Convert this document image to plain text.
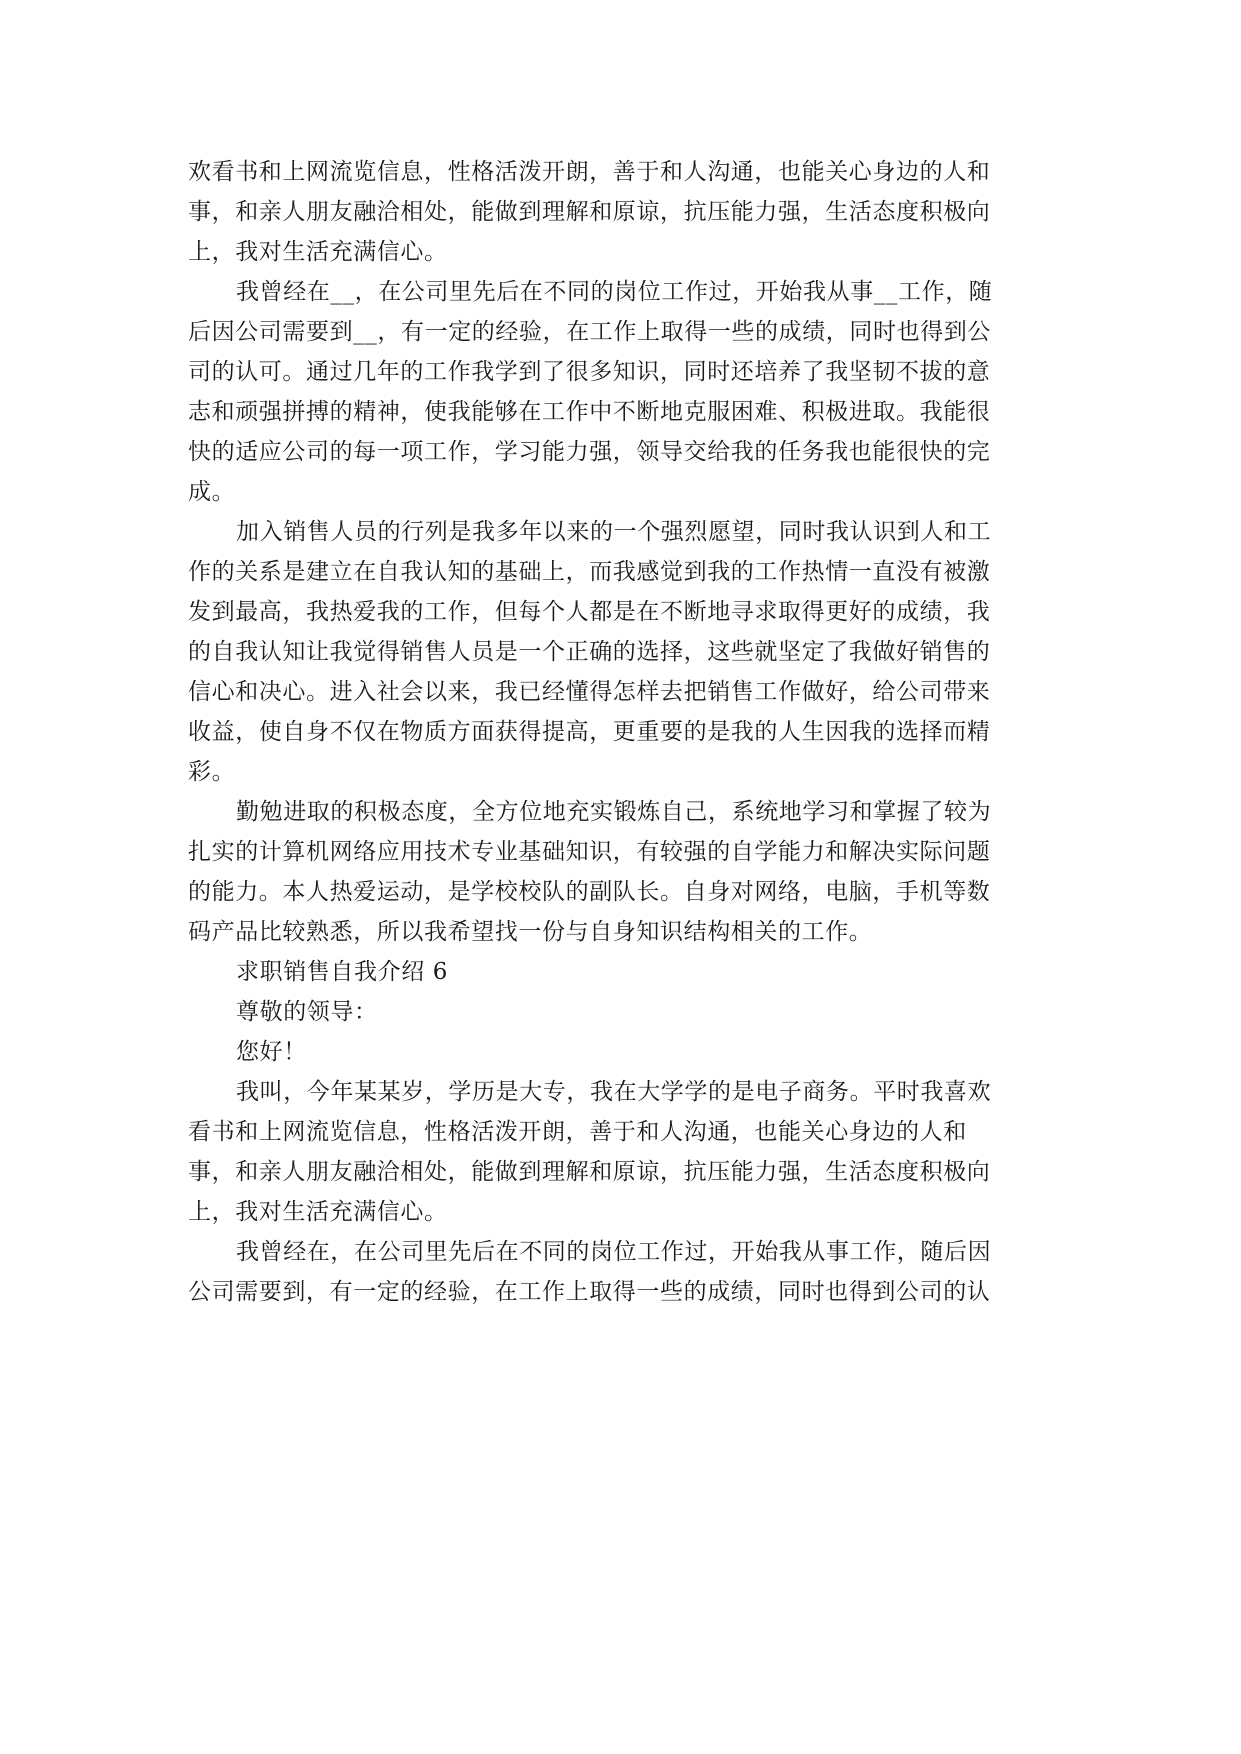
欢看书和上网流览信息，性格活泼开朗，善于和人沟通，也能关心身边的人和
事，和亲人朋友融洽相处，能做到理解和原谅，抗压能力强，生活态度积极向
上，我对生活充满信心。
我曾经在__，在公司里先后在不同的岗位工作过，开始我从事__工作，随
后因公司需要到__，有一定的经验，在工作上取得一些的成绩，同时也得到公
司的认可。通过几年的工作我学到了很多知识，同时还培养了我坚韧不拔的意
志和顽强拼搏的精神，使我能够在工作中不断地克服困难、积极进取。我能很
快的适应公司的每一项工作，学习能力强，领导交给我的任务我也能很快的完
成。
加入销售人员的行列是我多年以来的一个强烈愿望，同时我认识到人和工
作的关系是建立在自我认知的基础上，而我感觉到我的工作热情一直没有被激
发到最高，我热爱我的工作，但每个人都是在不断地寻求取得更好的成绩，我
的自我认知让我觉得销售人员是一个正确的选择，这些就坚定了我做好销售的
信心和决心。进入社会以来，我已经懂得怎样去把销售工作做好，给公司带来
收益，使自身不仅在物质方面获得提高，更重要的是我的人生因我的选择而精
彩。
勤勉进取的积极态度，全方位地充实锻炼自己，系统地学习和掌握了较为
扎实的计算机网络应用技术专业基础知识，有较强的自学能力和解决实际问题
的能力。本人热爱运动，是学校校队的副队长。自身对网络，电脑，手机等数
码产品比较熟悉，所以我希望找一份与自身知识结构相关的工作。
求职销售自我介绍 6
尊敬的领导：
您好！
我叫，今年某某岁，学历是大专，我在大学学的是电子商务。平时我喜欢
看书和上网流览信息，性格活泼开朗，善于和人沟通，也能关心身边的人和
事，和亲人朋友融洽相处，能做到理解和原谅，抗压能力强，生活态度积极向
上，我对生活充满信心。
我曾经在，在公司里先后在不同的岗位工作过，开始我从事工作，随后因
公司需要到，有一定的经验，在工作上取得一些的成绩，同时也得到公司的认
